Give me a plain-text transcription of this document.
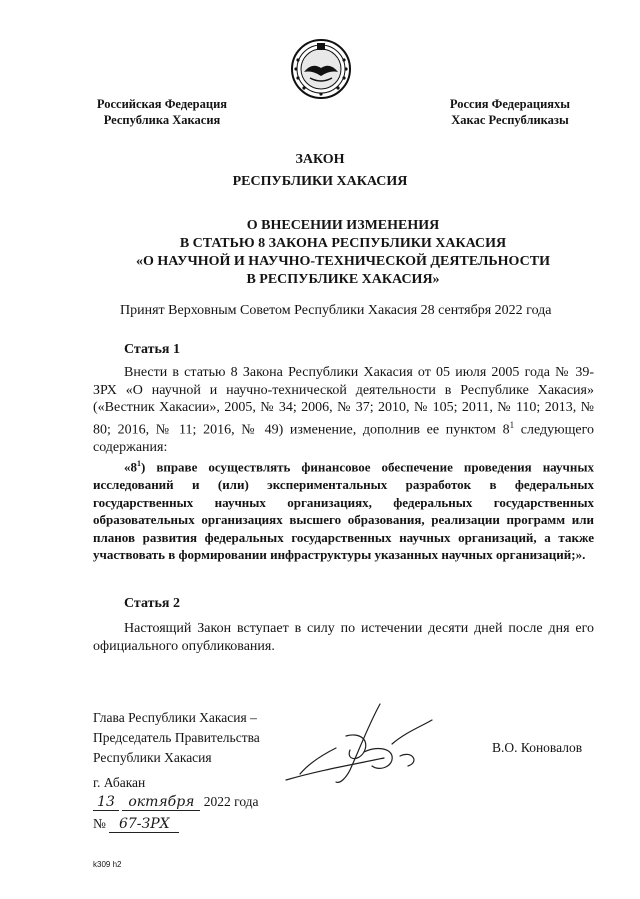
Российская Федерация
Республика Хакасия
Россия Федерацияхы
Хакас Республиказы
ЗАКОН
РЕСПУБЛИКИ ХАКАСИЯ
О ВНЕСЕНИИ ИЗМЕНЕНИЯ
В СТАТЬЮ 8 ЗАКОНА РЕСПУБЛИКИ ХАКАСИЯ
«О НАУЧНОЙ И НАУЧНО-ТЕХНИЧЕСКОЙ ДЕЯТЕЛЬНОСТИ
В РЕСПУБЛИКЕ ХАКАСИЯ»
Принят Верховным Советом Республики Хакасия 28 сентября 2022 года
Статья 1
Внести в статью 8 Закона Республики Хакасия от 05 июля 2005 года № 39-ЗРХ «О научной и научно-технической деятельности в Республике Хакасия» («Вестник Хакасии», 2005, № 34; 2006, № 37; 2010, № 105; 2011, № 110; 2013, № 80; 2016, № 11; 2016, № 49) изменение, дополнив ее пунктом $8^1$ следующего содержания:
«$8^1$) вправе осуществлять финансовое обеспечение проведения научных исследований и (или) экспериментальных разработок в федеральных государственных научных организациях, федеральных государственных образовательных организациях высшего образования, реализации программ или планов развития федеральных государственных научных организаций, а также участвовать в формировании инфраструктуры указанных научных организаций;».
Статья 2
Настоящий Закон вступает в силу по истечении десяти дней после дня его официального опубликования.
Глава Республики Хакасия –
Председатель Правительства
Республики Хакасия
В.О. Коновалов
г. Абакан
13 октября 2022 года
№ 67-ЗРХ
k309 h2
